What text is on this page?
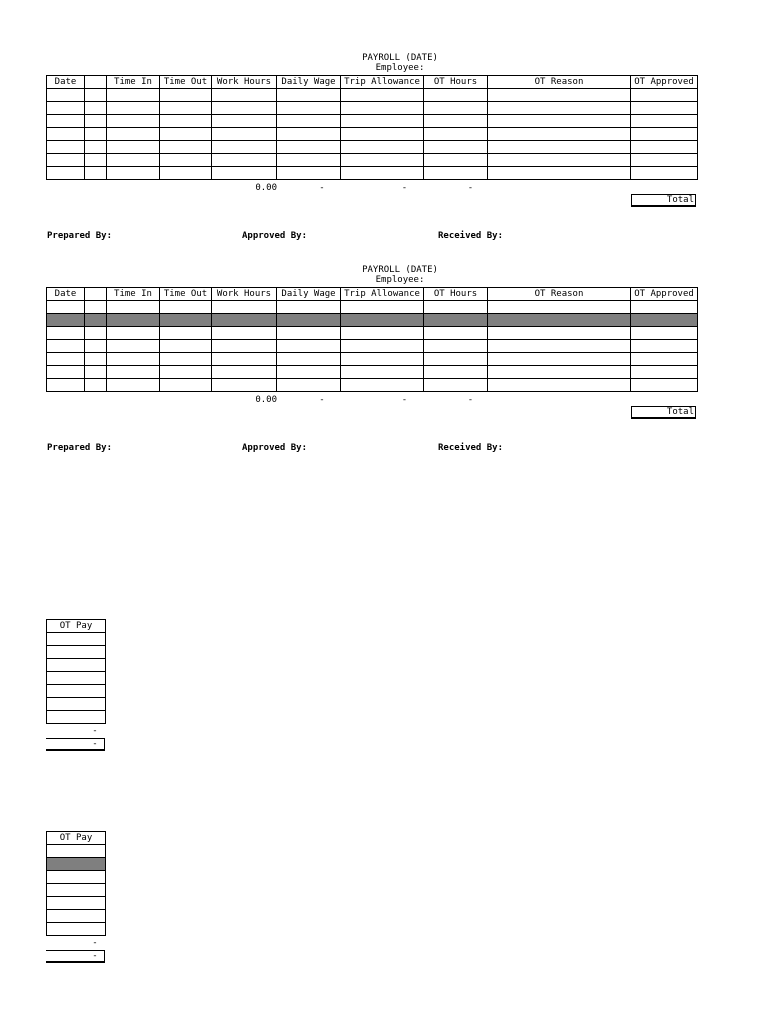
PAYROLL (DATE)
Employee:
Date		Time In	Time Out	Work Hours	Daily Wage	Trip Allowance	OT Hours	OT Reason	OT Approved

0.00	-	-	-
Total
Prepared By:	Approved By:	Received By:
PAYROLL (DATE)
Employee:
Date		Time In	Time Out	Work Hours	Daily Wage	Trip Allowance	OT Hours	OT Reason	OT Approved

0.00	-	-	-
Total
Prepared By:	Approved By:	Received By:
OT Pay

-
-
OT Pay

-
-
